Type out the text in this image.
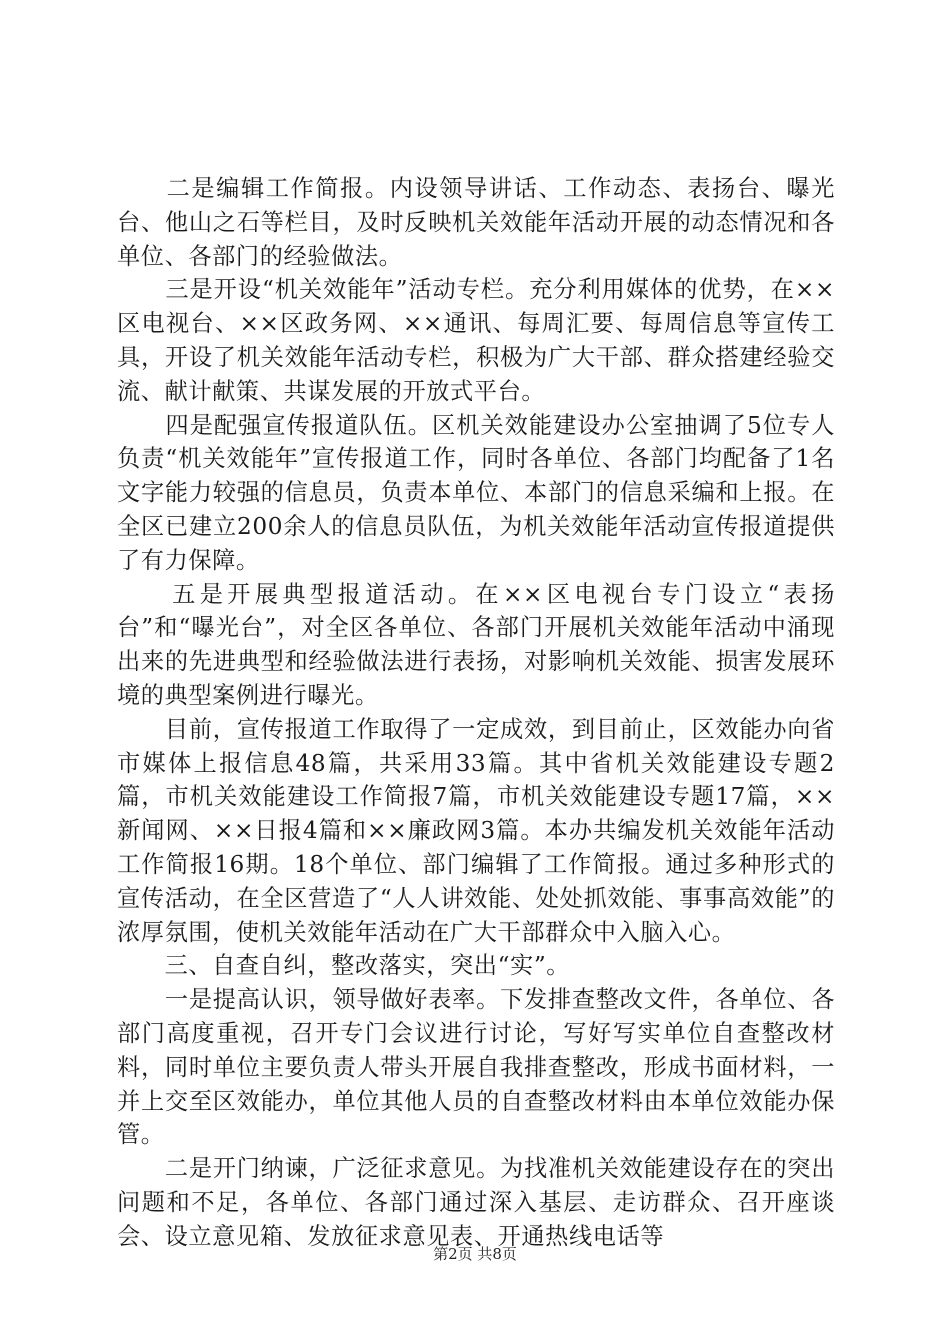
　　二是编辑工作简报。内设领导讲话、工作动态、表扬台、曝光台、他山之石等栏目，及时反映机关效能年活动开展的动态情况和各单位、各部门的经验做法。

　　三是开设“机关效能年”活动专栏。充分利用媒体的优势，在××区电视台、××区政务网、××通讯、每周汇要、每周信息等宣传工具，开设了机关效能年活动专栏，积极为广大干部、群众搭建经验交流、献计献策、共谋发展的开放式平台。

　　四是配强宣传报道队伍。区机关效能建设办公室抽调了5位专人负责“机关效能年”宣传报道工作，同时各单位、各部门均配备了1名文字能力较强的信息员，负责本单位、本部门的信息采编和上报。在全区已建立200余人的信息员队伍，为机关效能年活动宣传报道提供了有力保障。

　　五是开展典型报道活动。在××区电视台专门设立“表扬台”和“曝光台”，对全区各单位、各部门开展机关效能年活动中涌现出来的先进典型和经验做法进行表扬，对影响机关效能、损害发展环境的典型案例进行曝光。

　　目前，宣传报道工作取得了一定成效，到目前止，区效能办向省市媒体上报信息48篇，共采用33篇。其中省机关效能建设专题2篇，市机关效能建设工作简报7篇，市机关效能建设专题17篇，××新闻网、××日报4篇和××廉政网3篇。本办共编发机关效能年活动工作简报16期。18个单位、部门编辑了工作简报。通过多种形式的宣传活动，在全区营造了“人人讲效能、处处抓效能、事事高效能”的浓厚氛围，使机关效能年活动在广大干部群众中入脑入心。

　　三、自查自纠，整改落实，突出“实”。

　　一是提高认识，领导做好表率。下发排查整改文件，各单位、各部门高度重视，召开专门会议进行讨论，写好写实单位自查整改材料，同时单位主要负责人带头开展自我排查整改，形成书面材料，一并上交至区效能办，单位其他人员的自查整改材料由本单位效能办保管。

　　二是开门纳谏，广泛征求意见。为找准机关效能建设存在的突出问题和不足，各单位、各部门通过深入基层、走访群众、召开座谈会、设立意见箱、发放征求意见表、开通热线电话等

第2页 共8页
